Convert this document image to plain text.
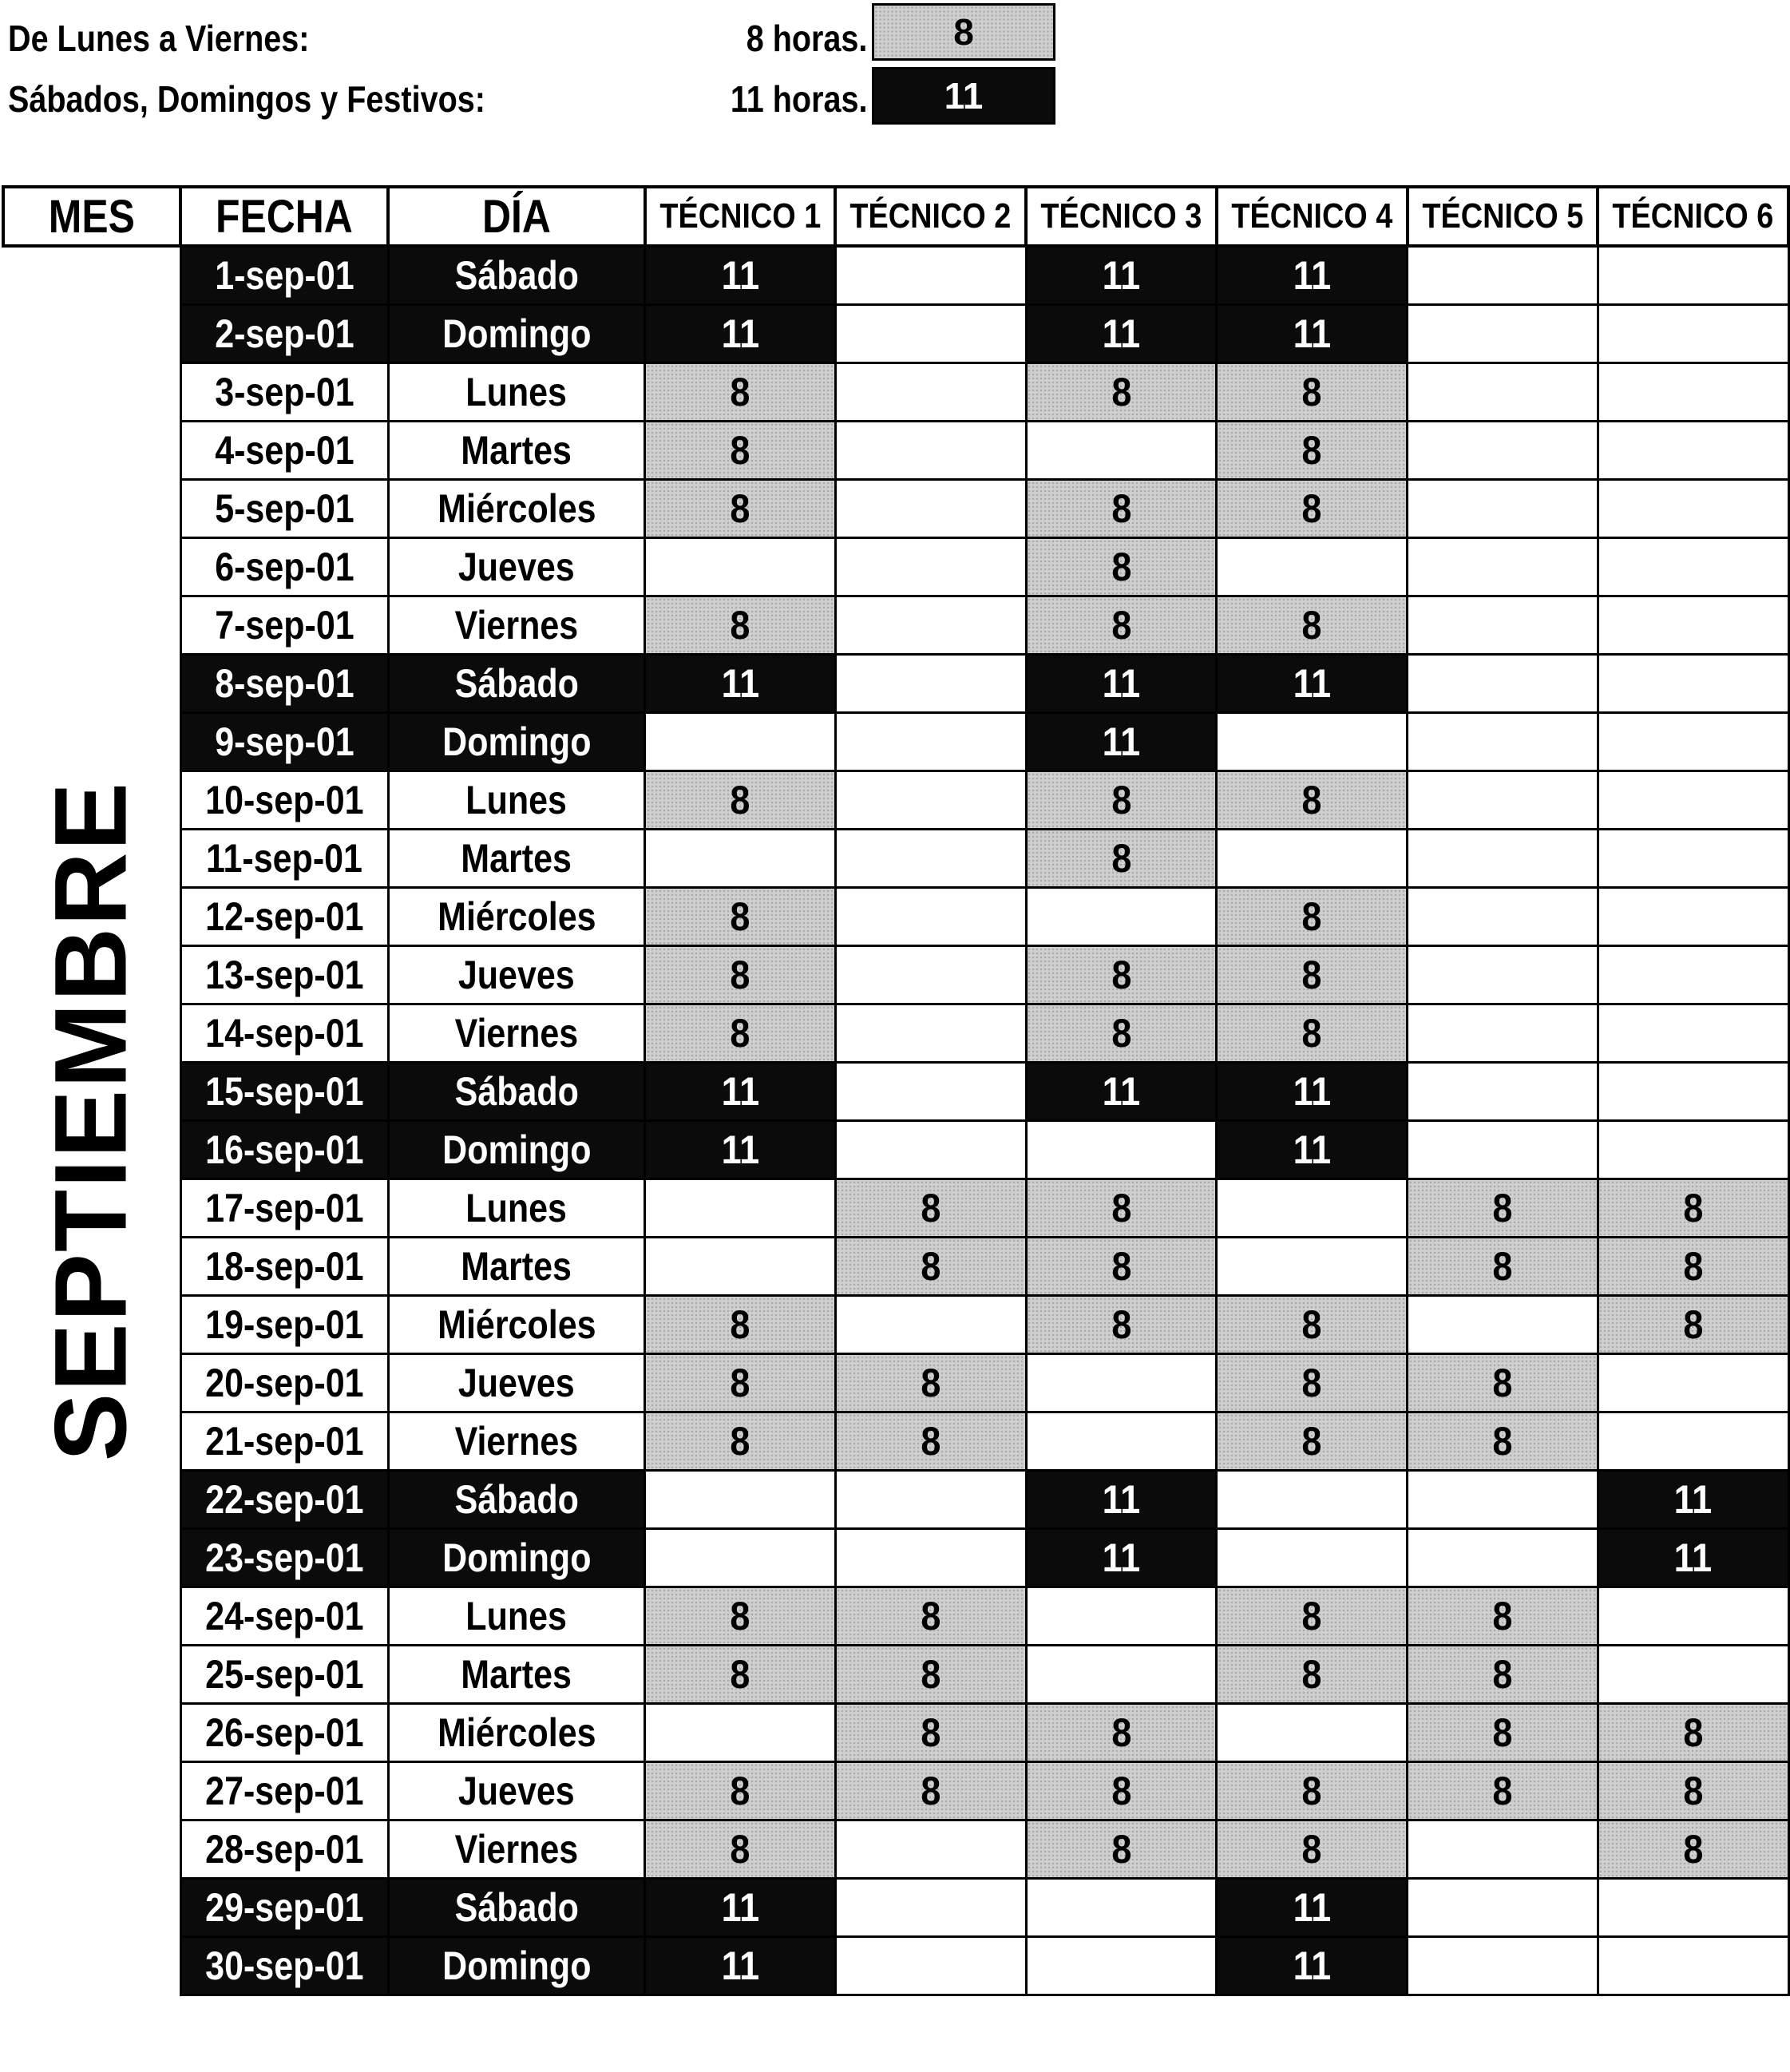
De Lunes a Viernes:	8 horas.	8
Sábados, Domingos y Festivos:	11 horas.	11
MES	FECHA	DÍA	TÉCNICO 1	TÉCNICO 2	TÉCNICO 3	TÉCNICO 4	TÉCNICO 5	TÉCNICO 6

SEPTIEMBRE	1-sep-01	Sábado	11		11	11		
	2-sep-01	Domingo	11		11	11		
	3-sep-01	Lunes	8		8	8		
	4-sep-01	Martes	8			8		
	5-sep-01	Miércoles	8		8	8		
	6-sep-01	Jueves			8			
	7-sep-01	Viernes	8		8	8		
	8-sep-01	Sábado	11		11	11		
	9-sep-01	Domingo			11			
	10-sep-01	Lunes	8		8	8		
	11-sep-01	Martes			8			
	12-sep-01	Miércoles	8			8		
	13-sep-01	Jueves	8		8	8		
	14-sep-01	Viernes	8		8	8		
	15-sep-01	Sábado	11		11	11		
	16-sep-01	Domingo	11			11		
	17-sep-01	Lunes		8	8		8	8
	18-sep-01	Martes		8	8		8	8
	19-sep-01	Miércoles	8		8	8		8
	20-sep-01	Jueves	8	8		8	8	
	21-sep-01	Viernes	8	8		8	8	
	22-sep-01	Sábado			11			11
	23-sep-01	Domingo			11			11
	24-sep-01	Lunes	8	8		8	8	
	25-sep-01	Martes	8	8		8	8	
	26-sep-01	Miércoles		8	8		8	8
	27-sep-01	Jueves	8	8	8	8	8	8
	28-sep-01	Viernes	8		8	8		8
	29-sep-01	Sábado	11			11		
	30-sep-01	Domingo	11			11		
